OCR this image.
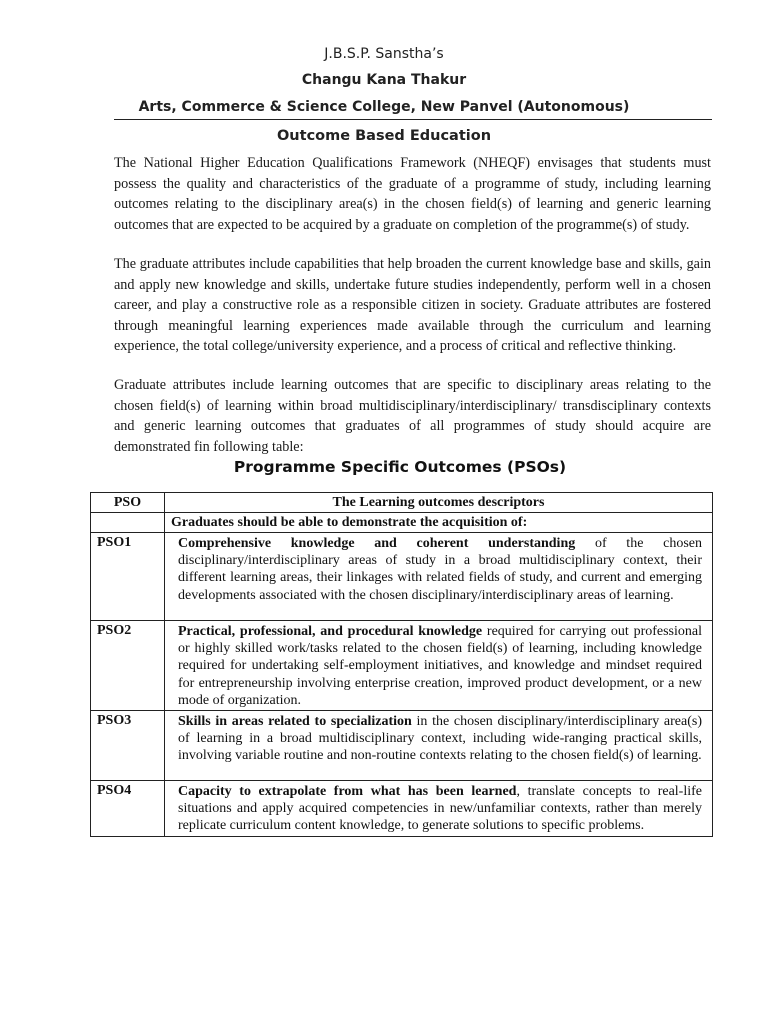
J.B.S.P. Sanstha’s
Changu Kana Thakur
Arts, Commerce & Science College, New Panvel (Autonomous)
Outcome Based Education

The National Higher Education Qualifications Framework (NHEQF) envisages that students must possess the quality and characteristics of the graduate of a programme of study, including learning outcomes relating to the disciplinary area(s) in the chosen field(s) of learning and generic learning outcomes that are expected to be acquired by a graduate on completion of the programme(s) of study.

The graduate attributes include capabilities that help broaden the current knowledge base and skills, gain and apply new knowledge and skills, undertake future studies independently, perform well in a chosen career, and play a constructive role as a responsible citizen in society. Graduate attributes are fostered through meaningful learning experiences made available through the curriculum and learning experience, the total college/university experience, and a process of critical and reflective thinking.

Graduate attributes include learning outcomes that are specific to disciplinary areas relating to the chosen field(s) of learning within broad multidisciplinary/interdisciplinary/ transdisciplinary contexts and generic learning outcomes that graduates of all programmes of study should acquire are demonstrated fin following table:

Programme Specific Outcomes (PSOs)
PSO	The Learning outcomes descriptors
	Graduates should be able to demonstrate the acquisition of:
PSO1	Comprehensive knowledge and coherent understanding of the chosen disciplinary/interdisciplinary areas of study in a broad multidisciplinary context, their different learning areas, their linkages with related fields of study, and current and emerging developments associated with the chosen disciplinary/interdisciplinary areas of learning.
PSO2	Practical, professional, and procedural knowledge required for carrying out professional or highly skilled work/tasks related to the chosen field(s) of learning, including knowledge required for undertaking self-employment initiatives, and knowledge and mindset required for entrepreneurship involving enterprise creation, improved product development, or a new mode of organization.
PSO3	Skills in areas related to specialization in the chosen disciplinary/interdisciplinary area(s) of learning in a broad multidisciplinary context, including wide-ranging practical skills, involving variable routine and non-routine contexts relating to the chosen field(s) of learning.
PSO4	Capacity to extrapolate from what has been learned, translate concepts to real-life situations and apply acquired competencies in new/unfamiliar contexts, rather than merely replicate curriculum content knowledge, to generate solutions to specific problems.
